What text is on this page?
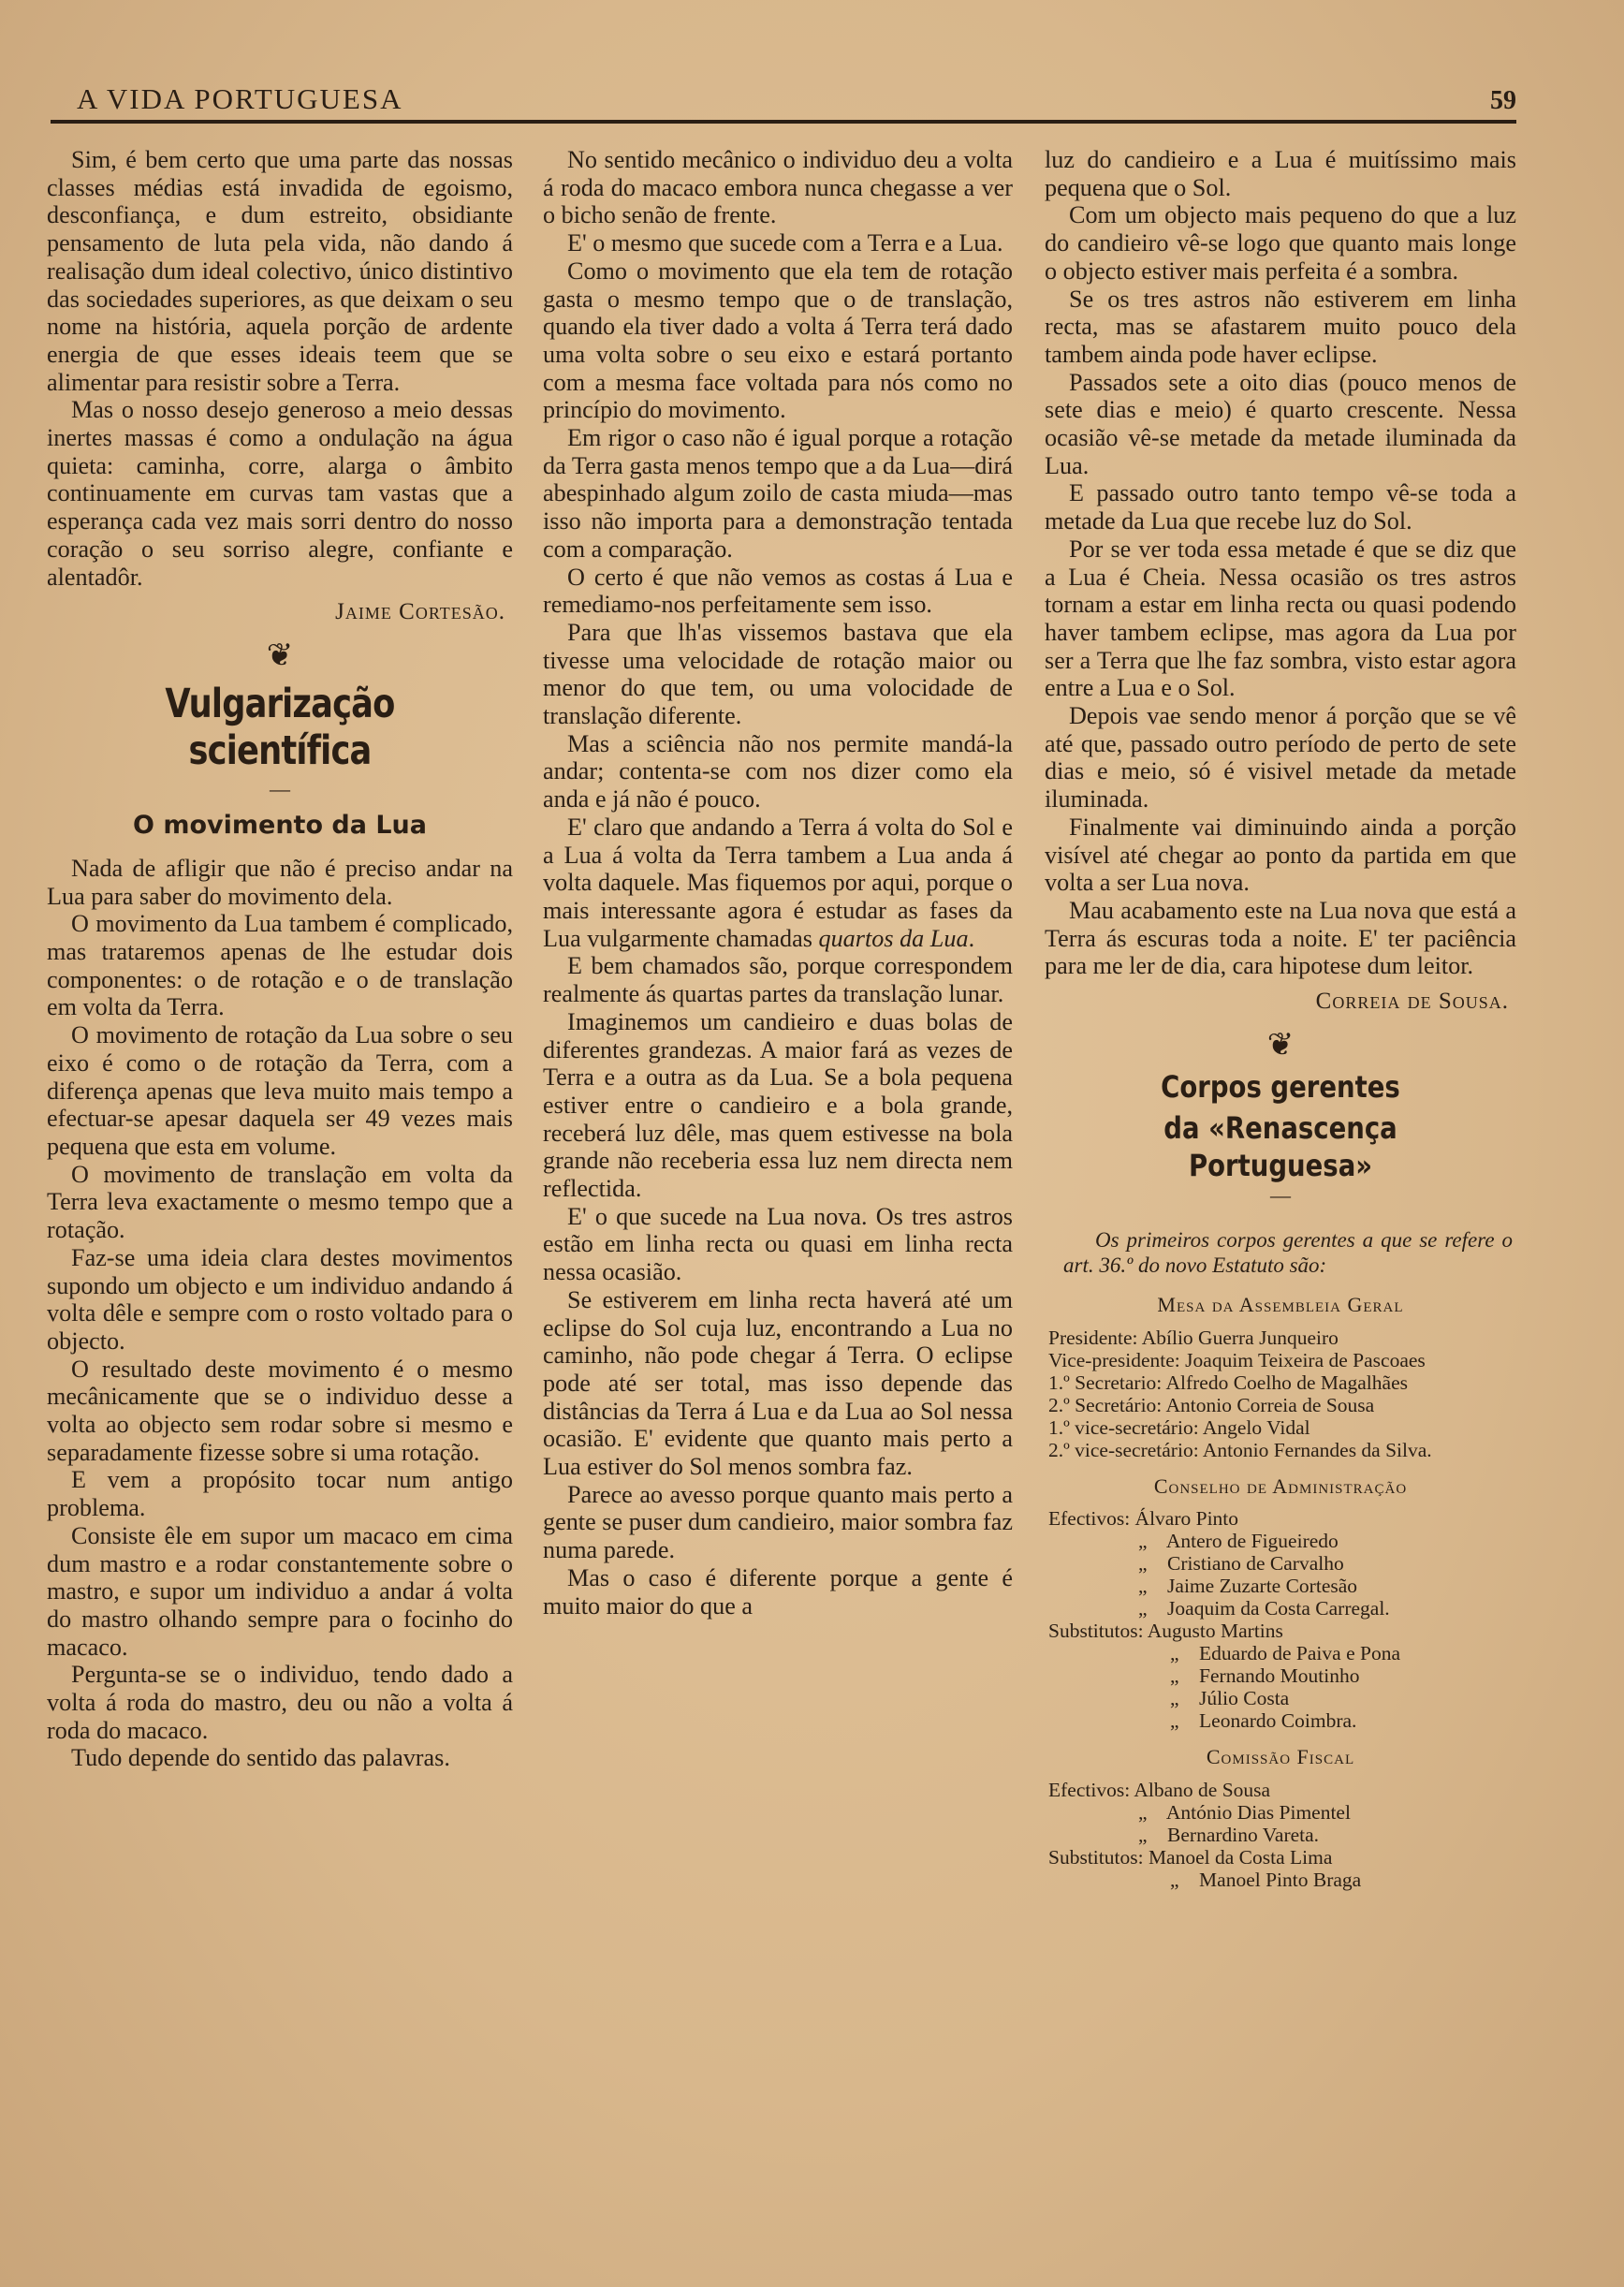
A VIDA PORTUGUESA	59

Sim, é bem certo que uma parte das nossas classes médias está invadida de egoismo, desconfiança, e dum estreito, obsidiante pensamento de luta pela vida, não dando á realisação dum ideal colectivo, único distintivo das sociedades superiores, as que deixam o seu nome na história, aquela porção de ardente energia de que esses ideais teem que se alimentar para resistir sobre a Terra.

Mas o nosso desejo generoso a meio dessas inertes massas é como a ondulação na água quieta: caminha, corre, alarga o âmbito continuamente em curvas tam vastas que a esperança cada vez mais sorri dentro do nosso coração o seu sorriso alegre, confiante e alentadôr.

Jaime Cortesão.
❦
Vulgarização scientífica
—
O movimento da Lua

Nada de afligir que não é preciso andar na Lua para saber do movimento dela.

O movimento da Lua tambem é complicado, mas trataremos apenas de lhe estudar dois componentes: o de rotação e o de translação em volta da Terra.

O movimento de rotação da Lua sobre o seu eixo é como o de rotação da Terra, com a diferença apenas que leva muito mais tempo a efectuar-se apesar daquela ser 49 vezes mais pequena que esta em volume.

O movimento de translação em volta da Terra leva exactamente o mesmo tempo que a rotação.

Faz-se uma ideia clara destes movimentos supondo um objecto e um individuo andando á volta dêle e sempre com o rosto voltado para o objecto.

O resultado deste movimento é o mesmo mecânicamente que se o individuo desse a volta ao objecto sem rodar sobre si mesmo e separadamente fizesse sobre si uma rotação.

E vem a propósito tocar num antigo problema.

Consiste êle em supor um macaco em cima dum mastro e a rodar constantemente sobre o mastro, e supor um individuo a andar á volta do mastro olhando sempre para o focinho do macaco.

Pergunta-se se o individuo, tendo dado a volta á roda do mastro, deu ou não a volta á roda do macaco.

Tudo depende do sentido das palavras.

No sentido mecânico o individuo deu a volta á roda do macaco embora nunca chegasse a ver o bicho senão de frente.

E' o mesmo que sucede com a Terra e a Lua.

Como o movimento que ela tem de rotação gasta o mesmo tempo que o de translação, quando ela tiver dado a volta á Terra terá dado uma volta sobre o seu eixo e estará portanto com a mesma face voltada para nós como no princípio do movimento.

Em rigor o caso não é igual porque a rotação da Terra gasta menos tempo que a da Lua—dirá abespinhado algum zoilo de casta miuda—mas isso não importa para a demonstração tentada com a comparação.

O certo é que não vemos as costas á Lua e remediamo-nos perfeitamente sem isso.

Para que lh'as vissemos bastava que ela tivesse uma velocidade de rotação maior ou menor do que tem, ou uma volocidade de translação diferente.

Mas a sciência não nos permite mandá-la andar; contenta-se com nos dizer como ela anda e já não é pouco.

E' claro que andando a Terra á volta do Sol e a Lua á volta da Terra tambem a Lua anda á volta daquele. Mas fiquemos por aqui, porque o mais interessante agora é estudar as fases da Lua vulgarmente chamadas quartos da Lua.

E bem chamados são, porque correspondem realmente ás quartas partes da translação lunar.

Imaginemos um candieiro e duas bolas de diferentes grandezas. A maior fará as vezes de Terra e a outra as da Lua. Se a bola pequena estiver entre o candieiro e a bola grande, receberá luz dêle, mas quem estivesse na bola grande não receberia essa luz nem directa nem reflectida.

E' o que sucede na Lua nova. Os tres astros estão em linha recta ou quasi em linha recta nessa ocasião.

Se estiverem em linha recta haverá até um eclipse do Sol cuja luz, encontrando a Lua no caminho, não pode chegar á Terra. O eclipse pode até ser total, mas isso depende das distâncias da Terra á Lua e da Lua ao Sol nessa ocasião. E' evidente que quanto mais perto a Lua estiver do Sol menos sombra faz.

Parece ao avesso porque quanto mais perto a gente se puser dum candieiro, maior sombra faz numa parede.

Mas o caso é diferente porque a gente é muito maior do que a

luz do candieiro e a Lua é muitíssimo mais pequena que o Sol.

Com um objecto mais pequeno do que a luz do candieiro vê-se logo que quanto mais longe o objecto estiver mais perfeita é a sombra.

Se os tres astros não estiverem em linha recta, mas se afastarem muito pouco dela tambem ainda pode haver eclipse.

Passados sete a oito dias (pouco menos de sete dias e meio) é quarto crescente. Nessa ocasião vê-se metade da metade iluminada da Lua.

E passado outro tanto tempo vê-se toda a metade da Lua que recebe luz do Sol.

Por se ver toda essa metade é que se diz que a Lua é Cheia. Nessa ocasião os tres astros tornam a estar em linha recta ou quasi podendo haver tambem eclipse, mas agora da Lua por ser a Terra que lhe faz sombra, visto estar agora entre a Lua e o Sol.

Depois vae sendo menor á porção que se vê até que, passado outro período de perto de sete dias e meio, só é visivel metade da metade iluminada.

Finalmente vai diminuindo ainda a porção visível até chegar ao ponto da partida em que volta a ser Lua nova.

Mau acabamento este na Lua nova que está a Terra ás escuras toda a noite. E' ter paciência para me ler de dia, cara hipotese dum leitor.

Correia de Sousa.
❦
Corpos gerentes
da «Renascença Portuguesa»
—

Os primeiros corpos gerentes a que se refere o art. 36.º do novo Estatuto são:

Mesa da Assembleia Geral
Presidente: Abílio Guerra Junqueiro
Vice-presidente: Joaquim Teixeira de Pascoaes
1.º Secretario: Alfredo Coelho de Magalhães
2.º Secretário: Antonio Correia de Sousa
1.º vice-secretário: Angelo Vidal
2.º vice-secretário: Antonio Fernandes da Silva.
Conselho de Administração
Efectivos: Álvaro Pinto
„ Antero de Figueiredo
„ Cristiano de Carvalho
„ Jaime Zuzarte Cortesão
„ Joaquim da Costa Carregal.
Substitutos: Augusto Martins
„ Eduardo de Paiva e Pona
„ Fernando Moutinho
„ Júlio Costa
„ Leonardo Coimbra.
Comissão Fiscal
Efectivos: Albano de Sousa
„ António Dias Pimentel
„ Bernardino Vareta.
Substitutos: Manoel da Costa Lima
„ Manoel Pinto Braga
